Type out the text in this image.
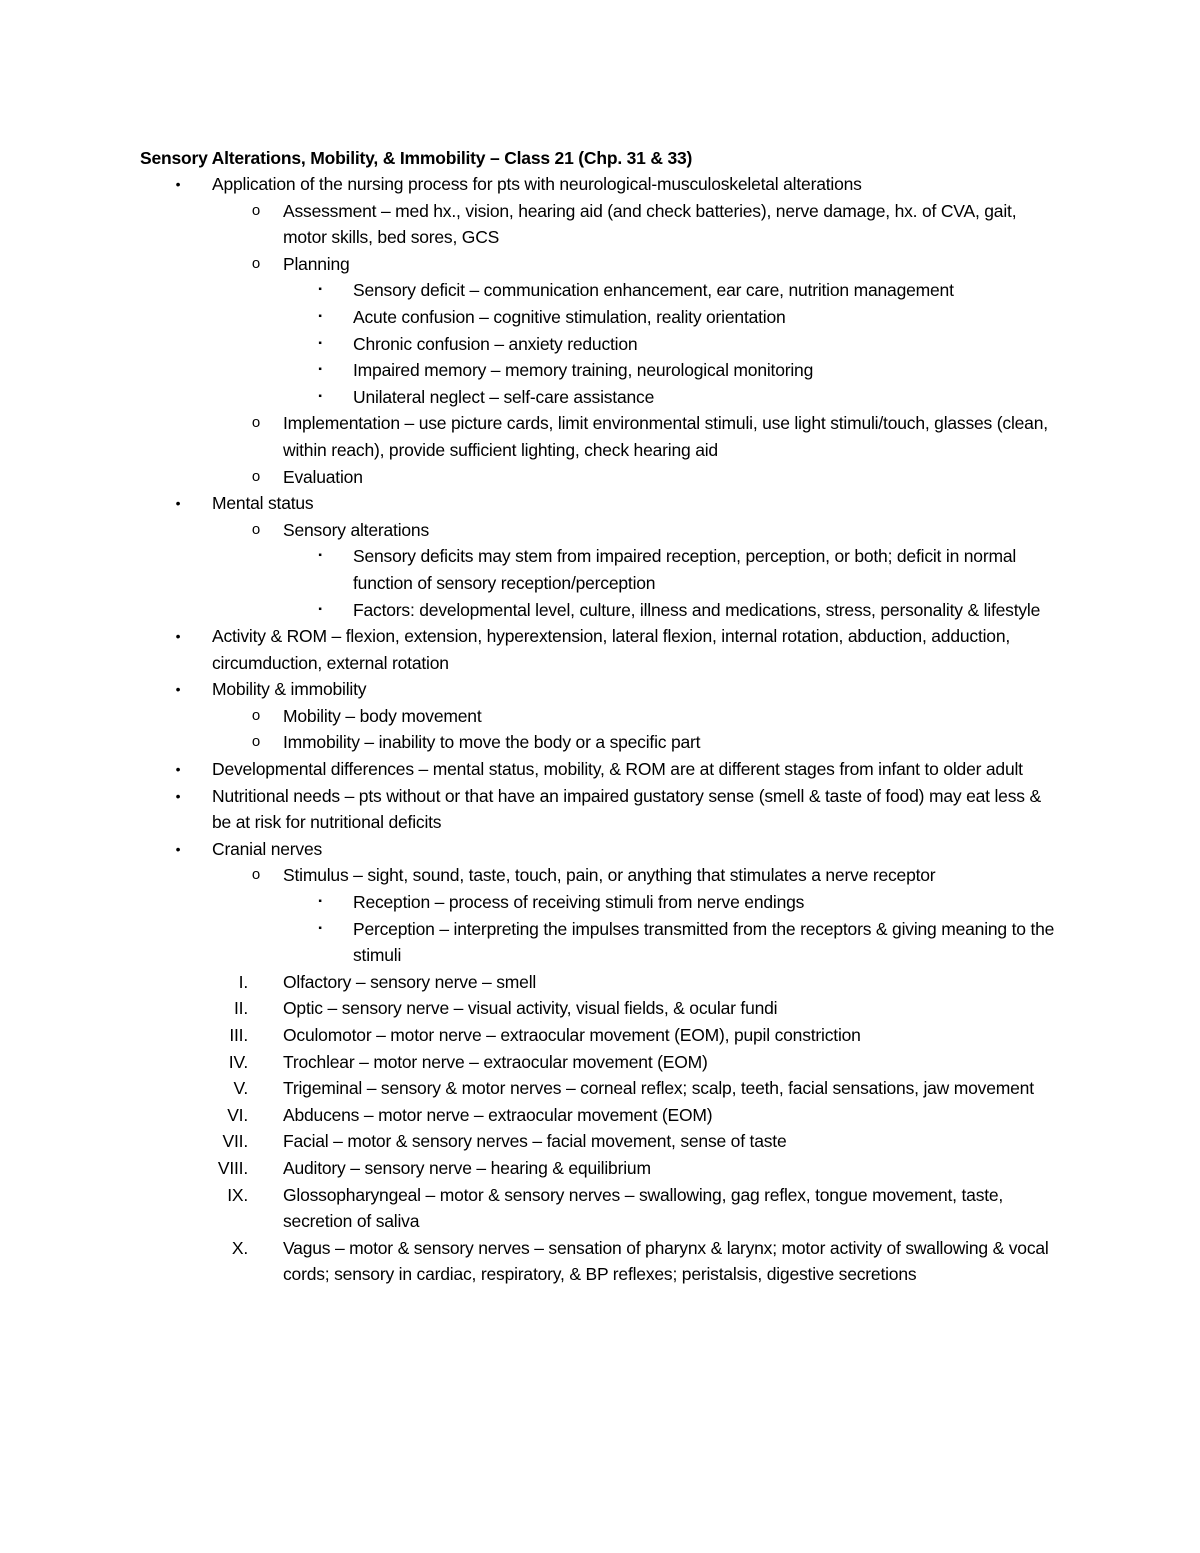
Sensory Alterations, Mobility, & Immobility – Class 21 (Chp. 31 & 33)
•	Application of the nursing process for pts with neurological-musculoskeletal alterations
o	Assessment – med hx., vision, hearing aid (and check batteries), nerve damage, hx. of CVA, gait, motor skills, bed sores, GCS
o	Planning
▪	Sensory deficit – communication enhancement, ear care, nutrition management
▪	Acute confusion – cognitive stimulation, reality orientation
▪	Chronic confusion – anxiety reduction
▪	Impaired memory – memory training, neurological monitoring
▪	Unilateral neglect – self-care assistance
o	Implementation – use picture cards, limit environmental stimuli, use light stimuli/touch, glasses (clean, within reach), provide sufficient lighting, check hearing aid
o	Evaluation
•	Mental status
o	Sensory alterations
▪	Sensory deficits may stem from impaired reception, perception, or both; deficit in normal function of sensory reception/perception
▪	Factors: developmental level, culture, illness and medications, stress, personality & lifestyle
•	Activity & ROM – flexion, extension, hyperextension, lateral flexion, internal rotation, abduction, adduction, circumduction, external rotation
•	Mobility & immobility
o	Mobility – body movement
o	Immobility – inability to move the body or a specific part
•	Developmental differences – mental status, mobility, & ROM are at different stages from infant to older adult
•	Nutritional needs – pts without or that have an impaired gustatory sense (smell & taste of food) may eat less & be at risk for nutritional deficits
•	Cranial nerves
o	Stimulus – sight, sound, taste, touch, pain, or anything that stimulates a nerve receptor
▪	Reception – process of receiving stimuli from nerve endings
▪	Perception – interpreting the impulses transmitted from the receptors & giving meaning to the stimuli
I. Olfactory – sensory nerve – smell
II. Optic – sensory nerve – visual activity, visual fields, & ocular fundi
III. Oculomotor – motor nerve – extraocular movement (EOM), pupil constriction
IV. Trochlear – motor nerve – extraocular movement (EOM)
V. Trigeminal – sensory & motor nerves – corneal reflex; scalp, teeth, facial sensations, jaw movement
VI. Abducens – motor nerve – extraocular movement (EOM)
VII. Facial – motor & sensory nerves – facial movement, sense of taste
VIII. Auditory – sensory nerve – hearing & equilibrium
IX. Glossopharyngeal – motor & sensory nerves – swallowing, gag reflex, tongue movement, taste, secretion of saliva
X. Vagus – motor & sensory nerves – sensation of pharynx & larynx; motor activity of swallowing & vocal cords; sensory in cardiac, respiratory, & BP reflexes; peristalsis, digestive secretions
